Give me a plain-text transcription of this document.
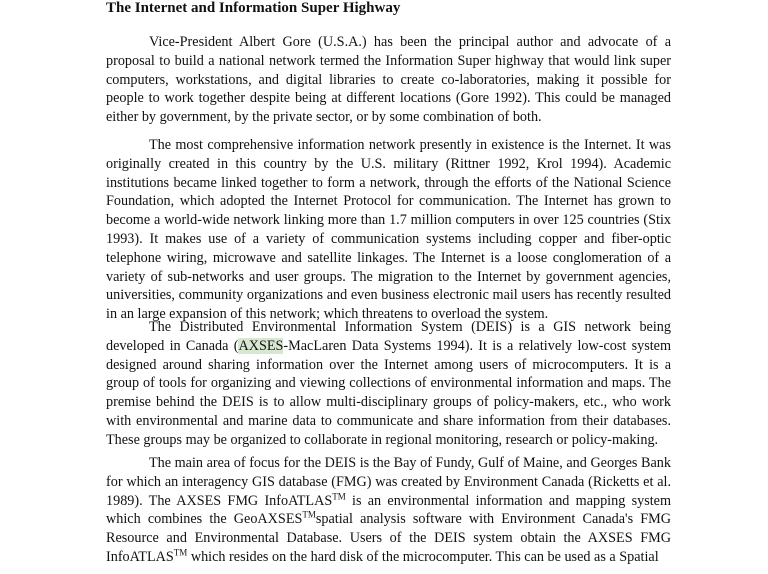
The Internet and Information Super Highway

Vice-President Albert Gore (U.S.A.) has been the principal author and advocate of a proposal to build a national network termed the Information Super highway that would link super computers, workstations, and digital libraries to create co-laboratories, making it possible for people to work together despite being at different locations (Gore 1992). This could be managed either by government, by the private sector, or by some combination of both.

The most comprehensive information network presently in existence is the Internet. It was originally created in this country by the U.S. military (Rittner 1992, Krol 1994). Academic institutions became linked together to form a network, through the efforts of the National Science Foundation, which adopted the Internet Protocol for communication. The Internet has grown to become a world-wide network linking more than 1.7 million computers in over 125 countries (Stix 1993). It makes use of a variety of communication systems including copper and fiber-optic telephone wiring, microwave and satellite linkages. The Internet is a loose conglomeration of a variety of sub-networks and user groups. The migration to the Internet by government agencies, universities, community organizations and even business electronic mail users has recently resulted in an large expansion of this network; which threatens to overload the system.

The Distributed Environmental Information System (DEIS) is a GIS network being developed in Canada (AXSES-MacLaren Data Systems 1994). It is a relatively low-cost system designed around sharing information over the Internet among users of microcomputers. It is a group of tools for organizing and viewing collections of environmental information and maps. The premise behind the DEIS is to allow multi-disciplinary groups of policy-makers, etc., who work with environmental and marine data to communicate and share information from their databases. These groups may be organized to collaborate in regional monitoring, research or policy-making.

The main area of focus for the DEIS is the Bay of Fundy, Gulf of Maine, and Georges Bank for which an interagency GIS database (FMG) was created by Environment Canada (Ricketts et al. 1989). The AXSES FMG InfoATLAS™ is an environmental information and mapping system which combines the GeoAXSES™spatial analysis software with Environment Canada's FMG Resource and Environmental Database. Users of the DEIS system obtain the AXSES FMG InfoATLAS™ which resides on the hard disk of the microcomputer. This can be used as a Spatial
